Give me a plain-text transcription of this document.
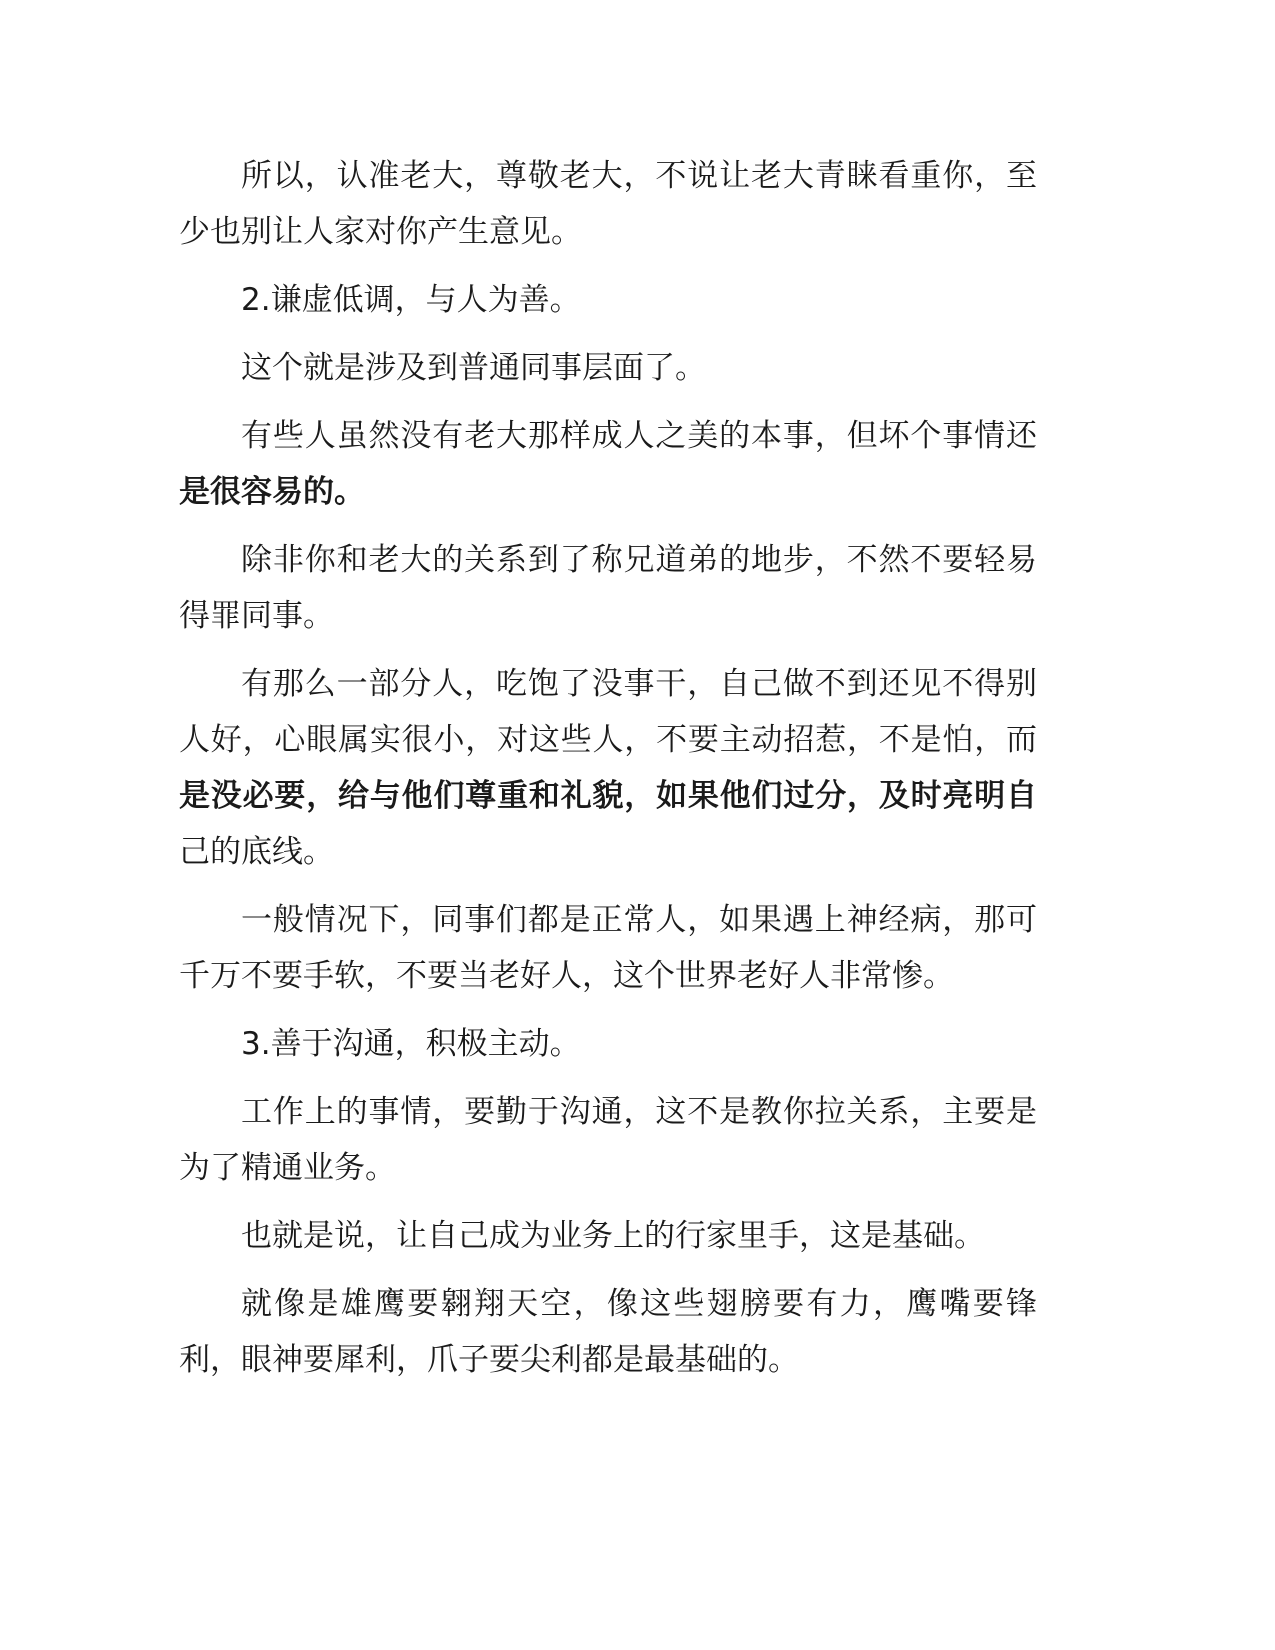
所以，认准老大，尊敬老大，不说让老大青睐看重你，至少也别让人家对你产生意见。

2.谦虚低调，与人为善。

这个就是涉及到普通同事层面了。

有些人虽然没有老大那样成人之美的本事，但坏个事情还是很容易的。

除非你和老大的关系到了称兄道弟的地步，不然不要轻易得罪同事。

有那么一部分人，吃饱了没事干，自己做不到还见不得别人好，心眼属实很小，对这些人，不要主动招惹，不是怕，而是没必要，给与他们尊重和礼貌，如果他们过分，及时亮明自己的底线。

一般情况下，同事们都是正常人，如果遇上神经病，那可千万不要手软，不要当老好人，这个世界老好人非常惨。

3.善于沟通，积极主动。

工作上的事情，要勤于沟通，这不是教你拉关系，主要是为了精通业务。

也就是说，让自己成为业务上的行家里手，这是基础。

就像是雄鹰要翱翔天空，像这些翅膀要有力，鹰嘴要锋利，眼神要犀利，爪子要尖利都是最基础的。
